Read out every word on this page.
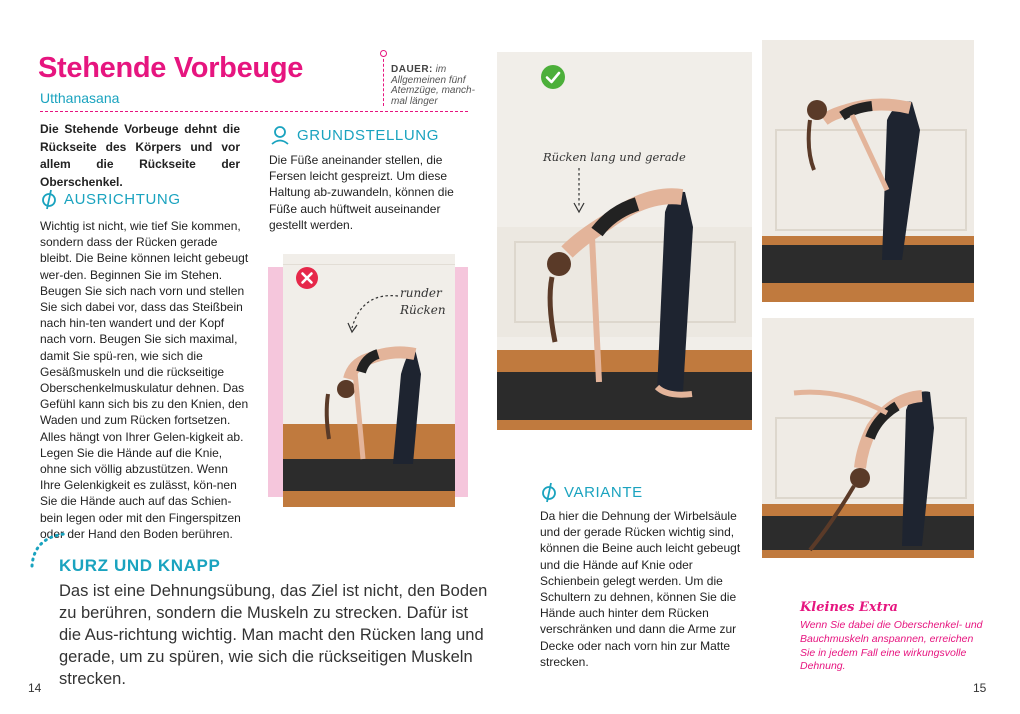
Stehende Vorbeuge
Utthanasana
DAUER: im Allgemeinen fünf Atemzüge, manch-mal länger
Die Stehende Vorbeuge dehnt die Rückseite des Körpers und vor allem die Rückseite der Oberschenkel.
AUSRICHTUNG
Wichtig ist nicht, wie tief Sie kommen, sondern dass der Rücken gerade bleibt. Die Beine können leicht gebeugt wer-den. Beginnen Sie im Stehen. Beugen Sie sich nach vorn und stellen Sie sich dabei vor, dass das Steißbein nach hin-ten wandert und der Kopf nach vorn. Beugen Sie sich maximal, damit Sie spü-ren, wie sich die Gesäßmuskeln und die rückseitige Oberschenkelmuskulatur dehnen. Das Gefühl kann sich bis zu den Knien, den Waden und zum Rücken fortsetzen. Alles hängt von Ihrer Gelen-kigkeit ab. Legen Sie die Hände auf die Knie, ohne sich völlig abzustützen. Wenn Ihre Gelenkigkeit es zulässt, kön-nen Sie die Hände auch auf das Schien-bein legen oder mit den Fingerspitzen oder der Hand den Boden berühren.
GRUNDSTELLUNG
Die Füße aneinander stellen, die Fersen leicht gespreizt. Um diese Haltung ab-zuwandeln, können die Füße auch hüftweit auseinander gestellt werden.
runder
Rücken
Rücken lang und gerade
VARIANTE
Da hier die Dehnung der Wirbelsäule und der gerade Rücken wichtig sind, können die Beine auch leicht gebeugt und die Hände auf Knie oder Schienbein gelegt werden. Um die Schultern zu dehnen, können Sie die Hände auch hinter dem Rücken verschränken und dann die Arme zur Decke oder nach vorn hin zur Matte strecken.
KURZ UND KNAPP
Das ist eine Dehnungsübung, das Ziel ist nicht, den Boden zu berühren, sondern die Muskeln zu strecken. Dafür ist die Aus-richtung wichtig. Man macht den Rücken lang und gerade, um zu spüren, wie sich die rückseitigen Muskeln strecken.
Kleines Extra
Wenn Sie dabei die Oberschenkel- und Bauchmuskeln anspannen, erreichen Sie in jedem Fall eine wirkungsvolle Dehnung.
14	15
